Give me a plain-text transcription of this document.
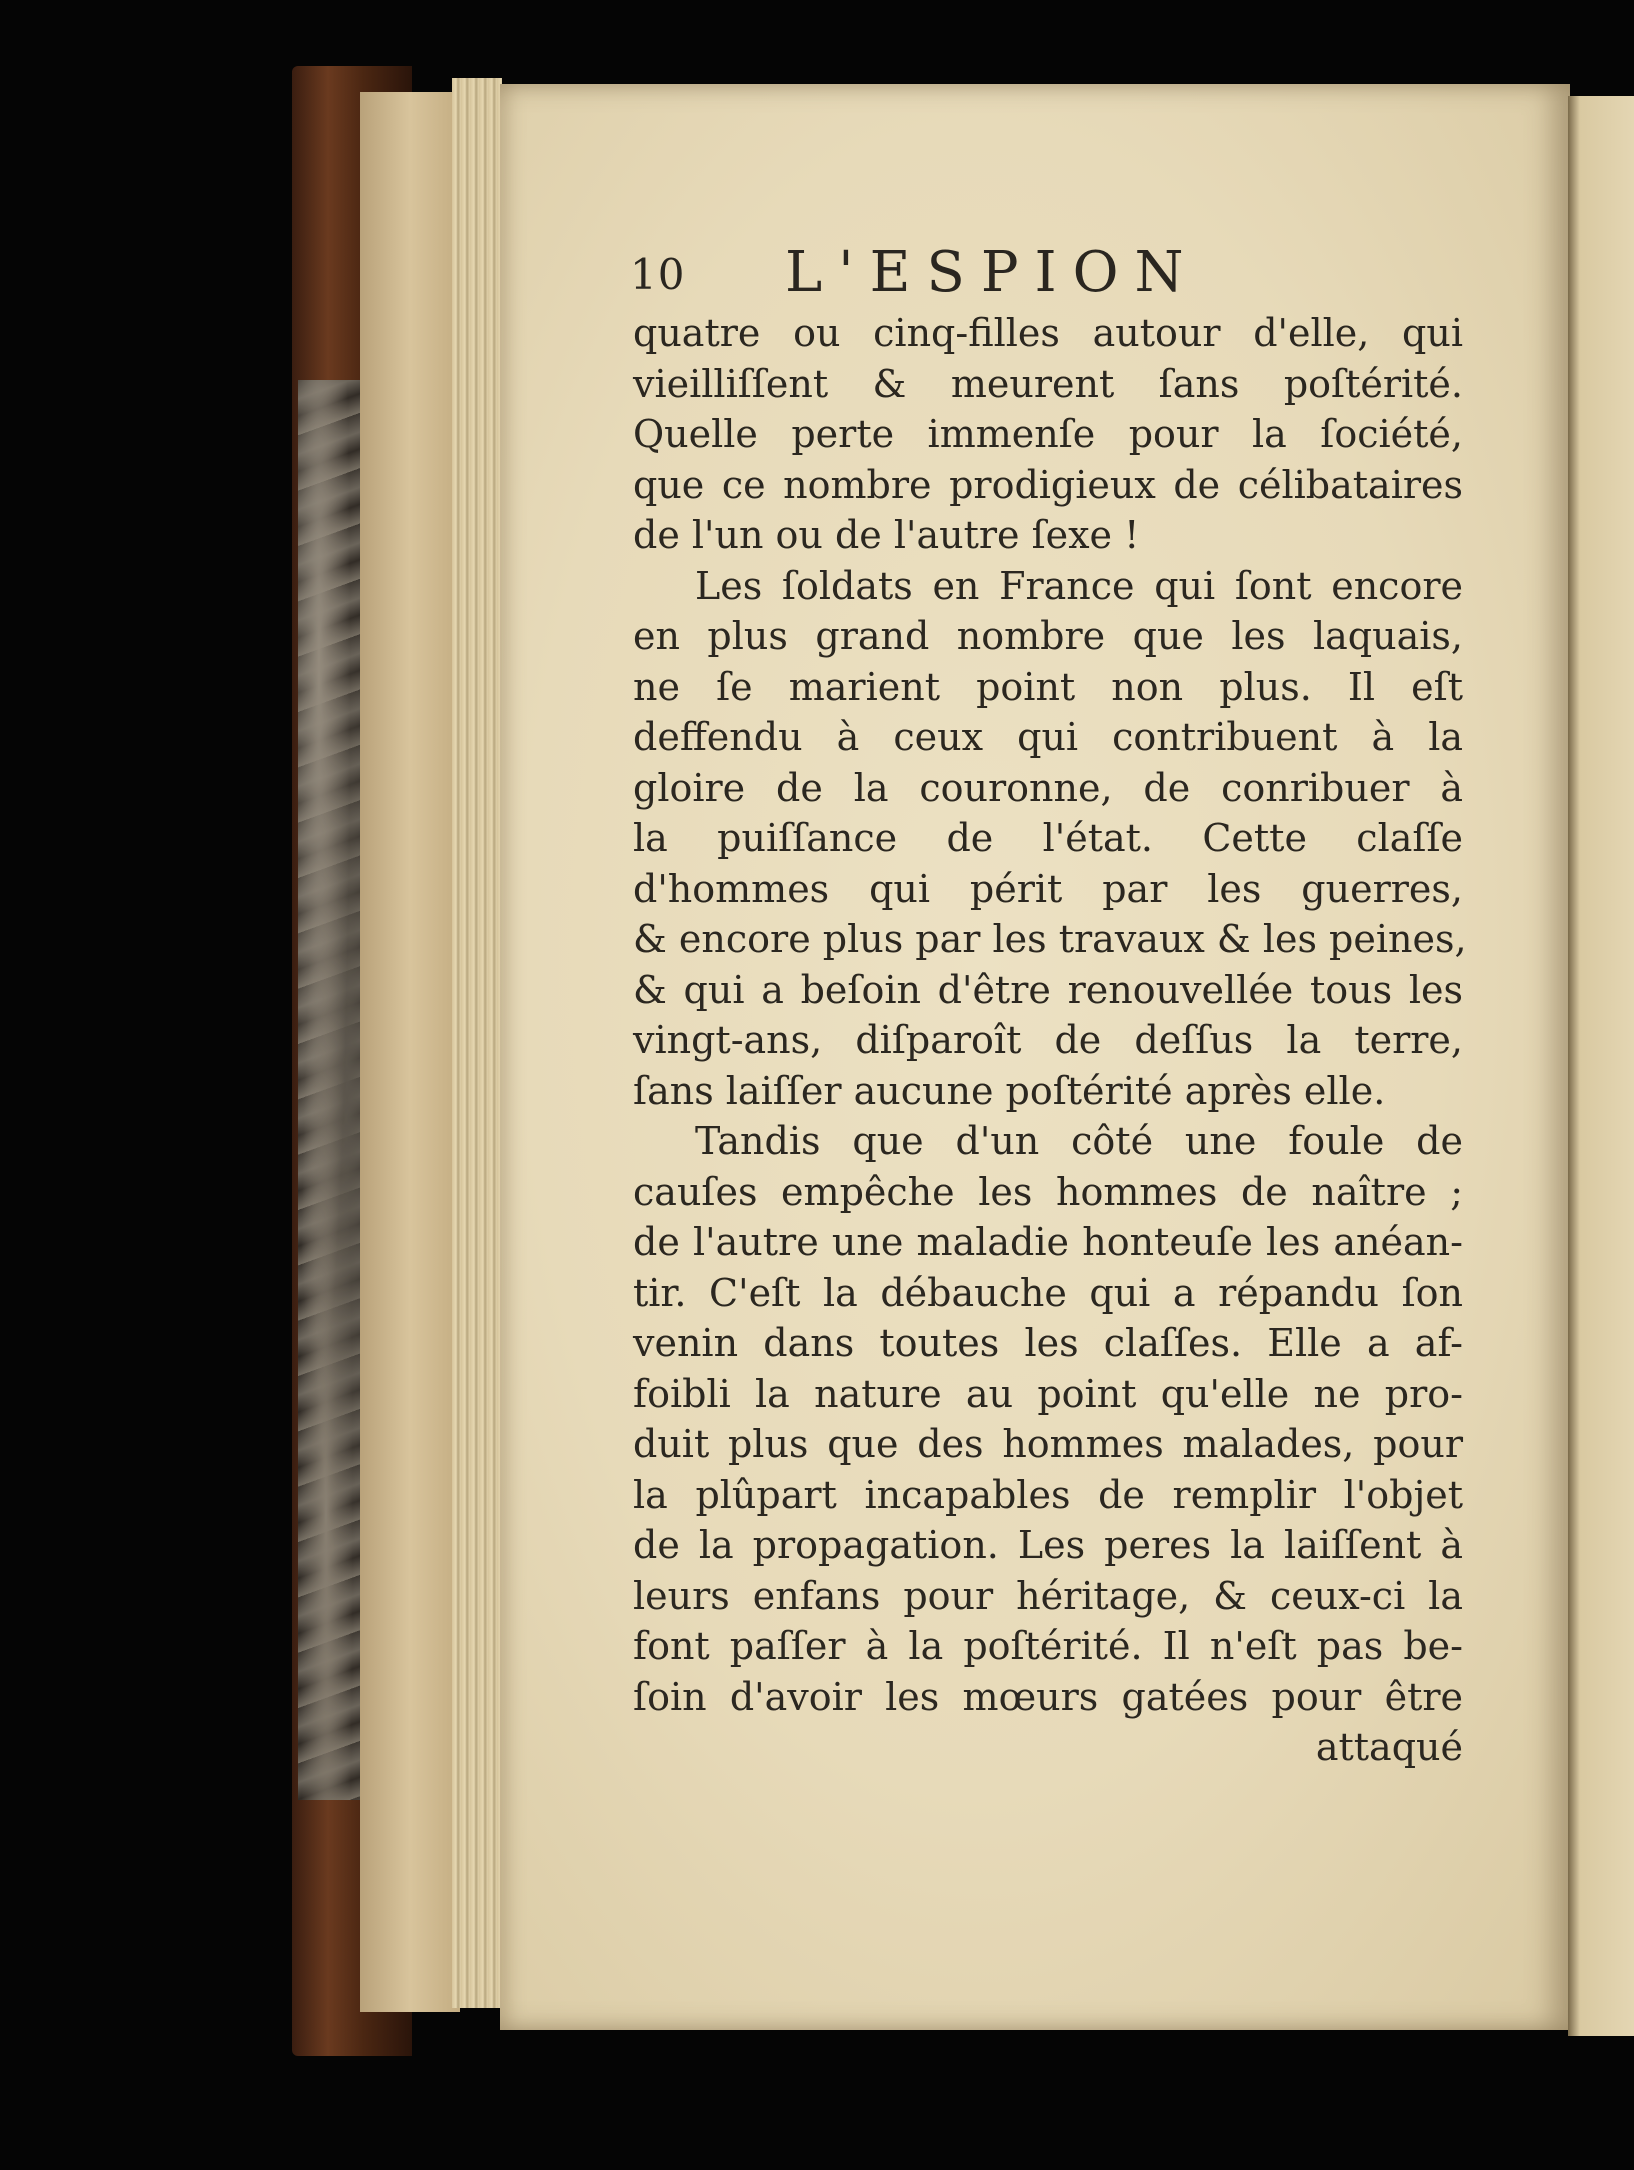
10 L'ESPION
quatre ou cinq-filles autour d'elle, qui
vieilliſſent & meurent ſans poſtérité.
Quelle perte immenſe pour la ſociété,
que ce nombre prodigieux de célibataires
de l'un ou de l'autre ſexe !
Les ſoldats en France qui ſont encore
en plus grand nombre que les laquais,
ne ſe marient point non plus. Il eſt
deffendu à ceux qui contribuent à la
gloire de la couronne, de conribuer à
la puiſſance de l'état. Cette claſſe
d'hommes qui périt par les guerres,
& encore plus par les travaux & les peines,
& qui a beſoin d'être renouvellée tous les
vingt-ans, diſparoît de deſſus la terre,
ſans laiſſer aucune poſtérité après elle.
Tandis que d'un côté une foule de
cauſes empêche les hommes de naître ;
de l'autre une maladie honteuſe les anéan-
tir. C'eſt la débauche qui a répandu ſon
venin dans toutes les claſſes. Elle a af-
foibli la nature au point qu'elle ne pro-
duit plus que des hommes malades, pour
la plûpart incapables de remplir l'objet
de la propagation. Les peres la laiſſent à
leurs enfans pour héritage, & ceux-ci la
font paſſer à la poſtérité. Il n'eſt pas be-
ſoin d'avoir les mœurs gatées pour être
attaqué
